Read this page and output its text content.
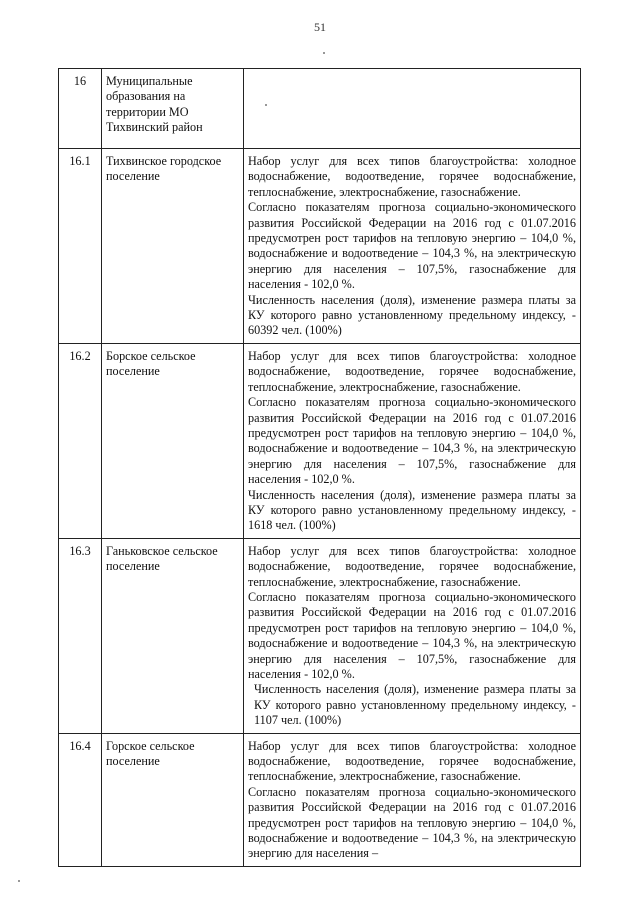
51
16	Муниципальные образования на территории МО Тихвинский район	
16.1	Тихвинское городское поселение	Набор услуг для всех типов благоустройства: холодное водоснабжение, водоотведение, горячее водоснабжение, теплоснабжение, электроснабжение, газоснабжение.
Согласно показателям прогноза социально-экономического развития Российской Федерации на 2016 год с 01.07.2016 предусмотрен рост тарифов на тепловую энергию – 104,0 %, водоснабжение и водоотведение – 104,3 %, на электрическую энергию для населения – 107,5%, газоснабжение для населения - 102,0 %.
Численность населения (доля), изменение размера платы за КУ которого равно установленному предельному индексу, - 60392 чел. (100%)

16.2	Борское сельское поселение	Набор услуг для всех типов благоустройства: холодное водоснабжение, водоотведение, горячее водоснабжение, теплоснабжение, электроснабжение, газоснабжение.
Согласно показателям прогноза социально-экономического развития Российской Федерации на 2016 год с 01.07.2016 предусмотрен рост тарифов на тепловую энергию – 104,0 %, водоснабжение и водоотведение – 104,3 %, на электрическую энергию для населения – 107,5%, газоснабжение для населения - 102,0 %.
Численность населения (доля), изменение размера платы за КУ которого равно установленному предельному индексу, - 1618 чел. (100%)

16.3	Ганьковское сельское поселение	Набор услуг для всех типов благоустройства: холодное водоснабжение, водоотведение, горячее водоснабжение, теплоснабжение, электроснабжение, газоснабжение.
Согласно показателям прогноза социально-экономического развития Российской Федерации на 2016 год с 01.07.2016 предусмотрен рост тарифов на тепловую энергию – 104,0 %, водоснабжение и водоотведение – 104,3 %, на электрическую энергию для населения – 107,5%, газоснабжение для населения - 102,0 %.
Численность населения (доля), изменение размера платы за КУ которого равно установленному предельному индексу, - 1107 чел. (100%)

16.4	Горское сельское поселение	Набор услуг для всех типов благоустройства: холодное водоснабжение, водоотведение, горячее водоснабжение, теплоснабжение, электроснабжение, газоснабжение.
Согласно показателям прогноза социально-экономического развития Российской Федерации на 2016 год с 01.07.2016 предусмотрен рост тарифов на тепловую энергию – 104,0 %, водоснабжение и водоотведение – 104,3 %, на электрическую энергию для населения –
